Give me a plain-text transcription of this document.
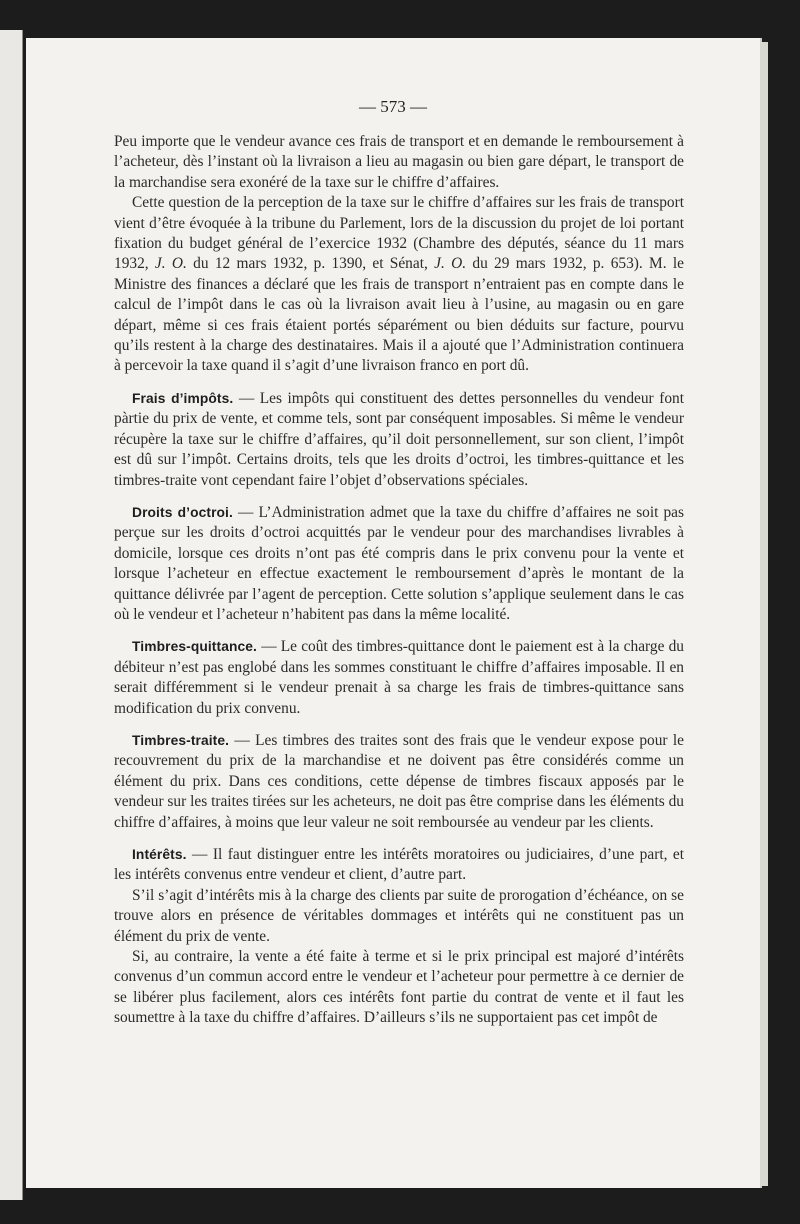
— 573 —

Peu importe que le vendeur avance ces frais de transport et en demande le remboursement à l’acheteur, dès l’instant où la livraison a lieu au magasin ou bien gare départ, le transport de la marchandise sera exonéré de la taxe sur le chiffre d’affaires.

Cette question de la perception de la taxe sur le chiffre d’affaires sur les frais de transport vient d’être évoquée à la tribune du Parlement, lors de la discussion du projet de loi portant fixation du budget général de l’exercice 1932 (Chambre des députés, séance du 11 mars 1932, J. O. du 12 mars 1932, p. 1390, et Sénat, J. O. du 29 mars 1932, p. 653). M. le Ministre des finances a déclaré que les frais de transport n’entraient pas en compte dans le calcul de l’impôt dans le cas où la livraison avait lieu à l’usine, au magasin ou en gare départ, même si ces frais étaient portés séparément ou bien déduits sur facture, pourvu qu’ils restent à la charge des destinataires. Mais il a ajouté que l’Administration continuera à percevoir la taxe quand il s’agit d’une livraison franco en port dû.

Frais d’impôts. — Les impôts qui constituent des dettes personnelles du vendeur font pàrtie du prix de vente, et comme tels, sont par conséquent imposables. Si même le vendeur récupère la taxe sur le chiffre d’affaires, qu’il doit personnellement, sur son client, l’impôt est dû sur l’impôt. Certains droits, tels que les droits d’octroi, les timbres-quittance et les timbres-traite vont cependant faire l’objet d’observations spéciales.

Droits d’octroi. — L’Administration admet que la taxe du chiffre d’affaires ne soit pas perçue sur les droits d’octroi acquittés par le vendeur pour des marchandises livrables à domicile, lorsque ces droits n’ont pas été compris dans le prix convenu pour la vente et lorsque l’acheteur en effectue exactement le remboursement d’après le montant de la quittance délivrée par l’agent de perception. Cette solution s’applique seulement dans le cas où le vendeur et l’acheteur n’habitent pas dans la même localité.

Timbres-quittance. — Le coût des timbres-quittance dont le paiement est à la charge du débiteur n’est pas englobé dans les sommes constituant le chiffre d’affaires imposable. Il en serait différemment si le vendeur prenait à sa charge les frais de timbres-quittance sans modification du prix convenu.

Timbres-traite. — Les timbres des traites sont des frais que le vendeur expose pour le recouvrement du prix de la marchandise et ne doivent pas être considérés comme un élément du prix. Dans ces conditions, cette dépense de timbres fiscaux apposés par le vendeur sur les traites tirées sur les acheteurs, ne doit pas être comprise dans les éléments du chiffre d’affaires, à moins que leur valeur ne soit remboursée au vendeur par les clients.

Intérêts. — Il faut distinguer entre les intérêts moratoires ou judiciaires, d’une part, et les intérêts convenus entre vendeur et client, d’autre part.

S’il s’agit d’intérêts mis à la charge des clients par suite de prorogation d’échéance, on se trouve alors en présence de véritables dommages et intérêts qui ne constituent pas un élément du prix de vente.

Si, au contraire, la vente a été faite à terme et si le prix principal est majoré d’intérêts convenus d’un commun accord entre le vendeur et l’acheteur pour permettre à ce dernier de se libérer plus facilement, alors ces intérêts font partie du contrat de vente et il faut les soumettre à la taxe du chiffre d’affaires. D’ailleurs s’ils ne supportaient pas cet impôt de
